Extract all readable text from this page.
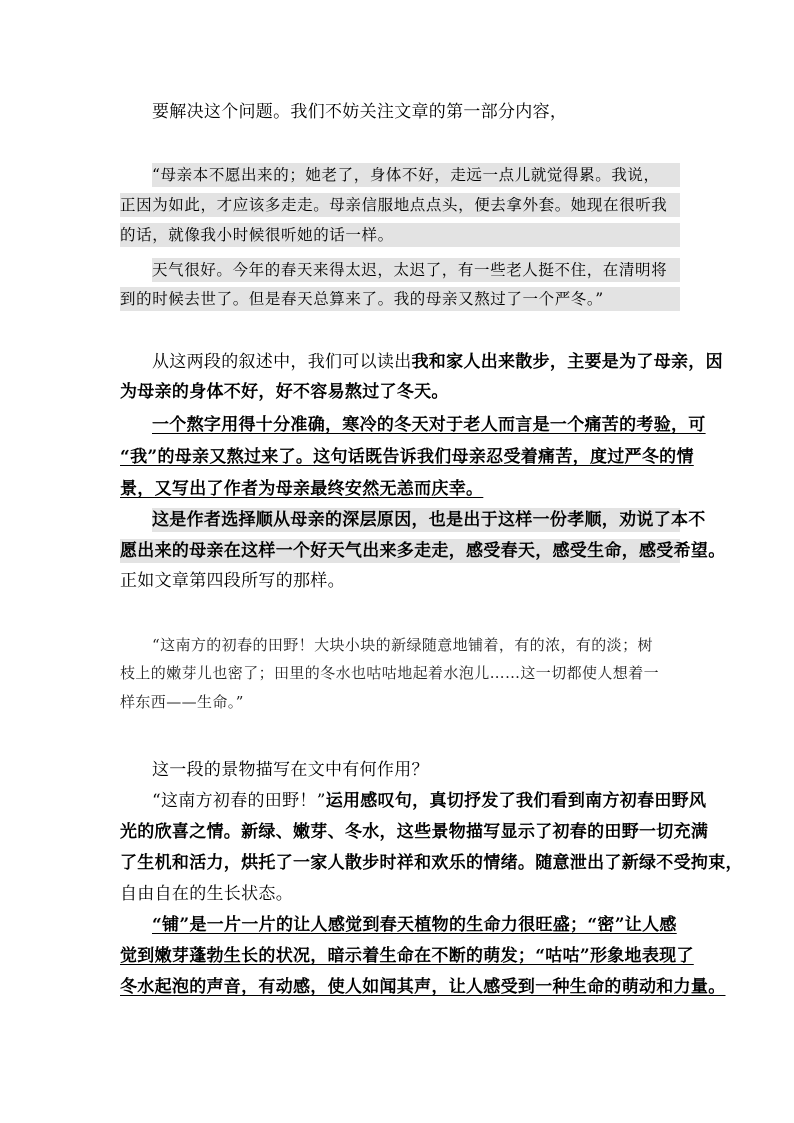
要解决这个问题。我们不妨关注文章的第一部分内容，
“母亲本不愿出来的；她老了，身体不好，走远一点儿就觉得累。我说，
正因为如此，才应该多走走。母亲信服地点点头，便去拿外套。她现在很听我
的话，就像我小时候很听她的话一样。
天气很好。今年的春天来得太迟，太迟了，有一些老人挺不住，在清明将
到的时候去世了。但是春天总算来了。我的母亲又熬过了一个严冬。”
从这两段的叙述中，我们可以读出我和家人出来散步，主要是为了母亲，因
为母亲的身体不好，好不容易熬过了冬天。
一个熬字用得十分准确，寒冷的冬天对于老人而言是一个痛苦的考验，可
“我”的母亲又熬过来了。这句话既告诉我们母亲忍受着痛苦，度过严冬的情
景，又写出了作者为母亲最终安然无恙而庆幸。
这是作者选择顺从母亲的深层原因，也是出于这样一份孝顺，劝说了本不
愿出来的母亲在这样一个好天气出来多走走，感受春天，感受生命，感受希望。
正如文章第四段所写的那样。
“这南方的初春的田野！大块小块的新绿随意地铺着，有的浓，有的淡；树
枝上的嫩芽儿也密了；田里的冬水也咕咕地起着水泡儿……这一切都使人想着一
样东西——生命。”
这一段的景物描写在文中有何作用？
“这南方初春的田野！”运用感叹句，真切抒发了我们看到南方初春田野风
光的欣喜之情。新绿、嫩芽、冬水，这些景物描写显示了初春的田野一切充满
了生机和活力，烘托了一家人散步时祥和欢乐的情绪。随意泄出了新绿不受拘束，
自由自在的生长状态。
“铺”是一片一片的让人感觉到春天植物的生命力很旺盛；“密”让人感
觉到嫩芽蓬勃生长的状况，暗示着生命在不断的萌发；“咕咕”形象地表现了
冬水起泡的声音，有动感，使人如闻其声，让人感受到一种生命的萌动和力量。
